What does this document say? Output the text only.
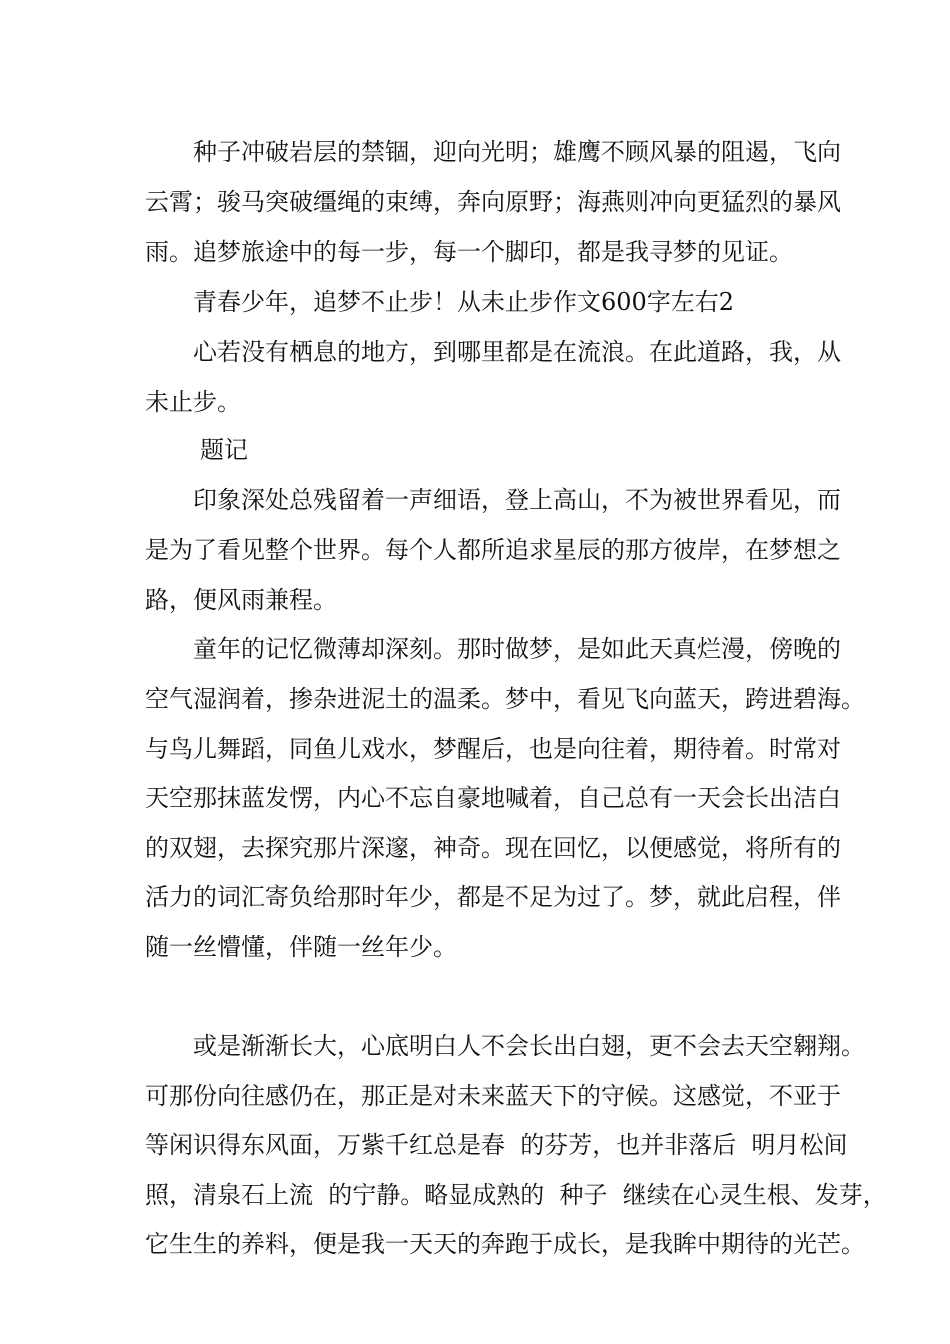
种子冲破岩层的禁锢，迎向光明；雄鹰不顾风暴的阻遏，飞向

云霄；骏马突破缰绳的束缚，奔向原野；海燕则冲向更猛烈的暴风

雨。追梦旅途中的每一步，每一个脚印，都是我寻梦的见证。

青春少年，追梦不止步！从未止步作文600字左右2

心若没有栖息的地方，到哪里都是在流浪。在此道路，我，从

未止步。

题记

印象深处总残留着一声细语，登上高山，不为被世界看见，而

是为了看见整个世界。每个人都所追求星辰的那方彼岸，在梦想之

路，便风雨兼程。

童年的记忆微薄却深刻。那时做梦，是如此天真烂漫，傍晚的

空气湿润着，掺杂进泥土的温柔。梦中，看见飞向蓝天，跨进碧海。

与鸟儿舞蹈，同鱼儿戏水，梦醒后，也是向往着，期待着。时常对

天空那抹蓝发愣，内心不忘自豪地喊着，自己总有一天会长出洁白

的双翅，去探究那片深邃，神奇。现在回忆，以便感觉，将所有的

活力的词汇寄负给那时年少，都是不足为过了。梦，就此启程，伴

随一丝懵懂，伴随一丝年少。

或是渐渐长大，心底明白人不会长出白翅，更不会去天空翱翔。

可那份向往感仍在，那正是对未来蓝天下的守候。这感觉，不亚于

等闲识得东风面，万紫千红总是春  的芬芳，也并非落后  明月松间

照，清泉石上流  的宁静。略显成熟的  种子  继续在心灵生根、发芽，

它生生的养料，便是我一天天的奔跑于成长，是我眸中期待的光芒。
